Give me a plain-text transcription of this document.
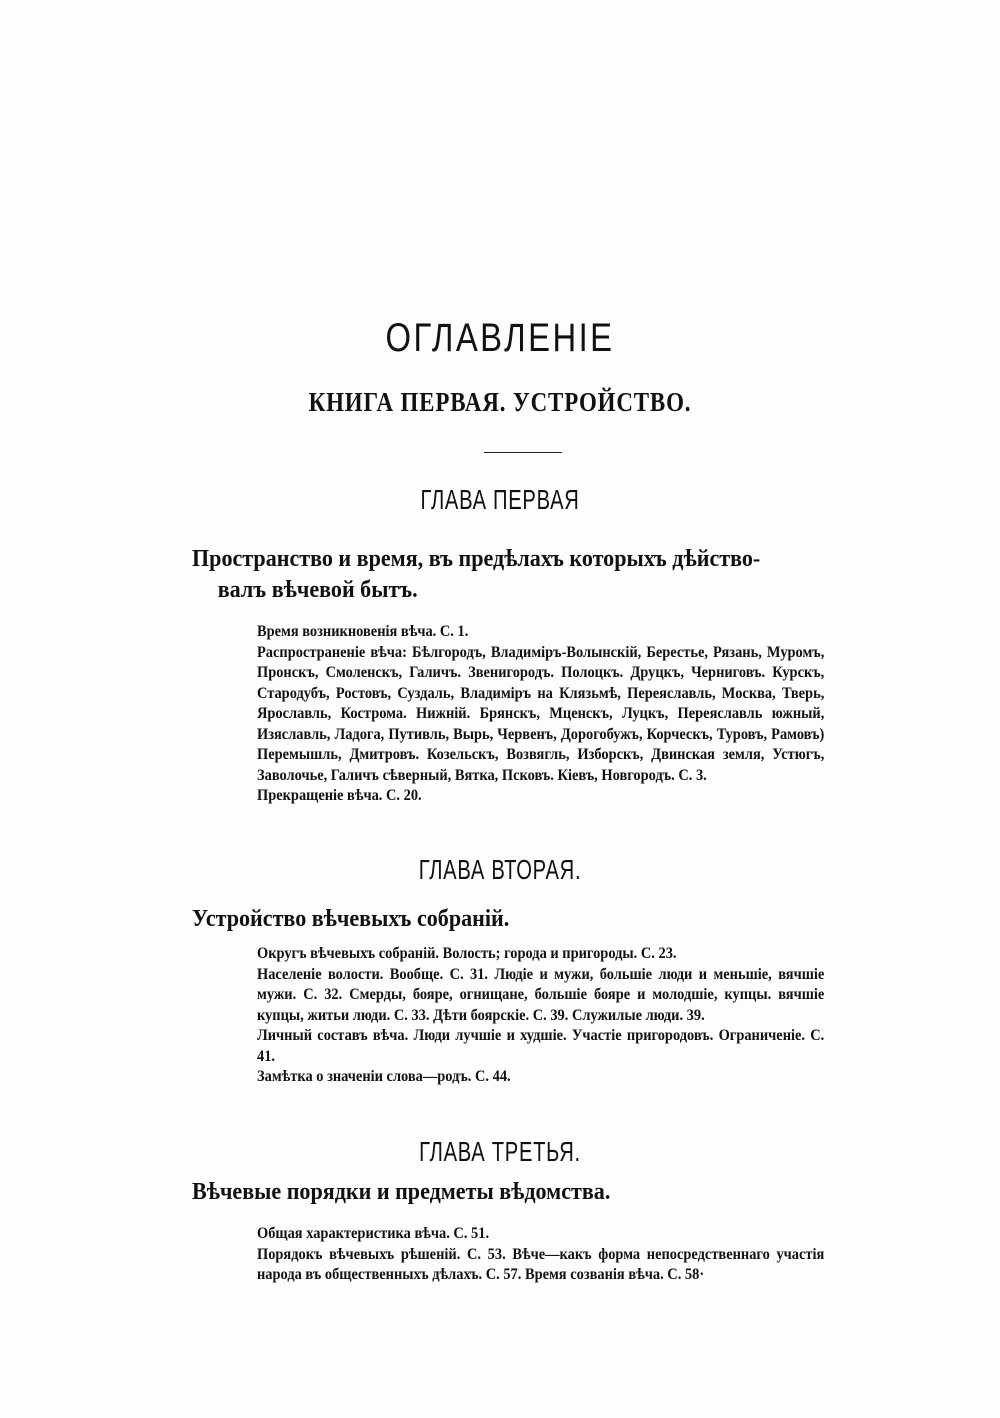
ОГЛАВЛЕНІЕ
КНИГА ПЕРВАЯ. УСТРОЙСТВО.
ГЛАВА ПЕРВАЯ
Пространство и время, въ предѣлахъ которыхъ дѣйство-
валъ вѣчевой бытъ.

Время возникновенія вѣча. С. 1.

Распространеніе вѣча: Бѣлгородъ, Владиміръ-Волынскій, Берестье, Рязань, Муромъ, Пронскъ, Смоленскъ, Галичъ. Звенигородъ. Полоцкъ. Друцкъ, Черниговъ. Курскъ, Стародубъ, Ростовъ, Суздаль, Владиміръ на Клязьмѣ, Переяславль, Москва, Тверь, Ярославль, Кострома. Нижній. Брянскъ, Мценскъ, Луцкъ, Переяславль южный, Изяславль, Ладога, Путивль, Вырь, Червенъ, Дорогобужъ, Корческъ, Туровъ, Рамовъ) Перемышль, Дмитровъ. Козельскъ, Возвягль, Изборскъ, Двинская земля, Устюгъ, Заволочье, Галичъ сѣверный, Вятка, Псковъ. Кіевъ, Новгородъ. С. 3.

Прекращеніе вѣча. С. 20.

ГЛАВА ВТОРАЯ.
Устройство вѣчевыхъ собраній.

Округъ вѣчевыхъ собраній. Волость; города и пригороды. С. 23.

Населеніе волости. Вообще. С. 31. Людіе и мужи, большіе люди и меньшіе, вячшіе мужи. С. 32. Смерды, бояре, огнищане, большіе бояре и молодшіе, купцы. вячшіе купцы, житьи люди. С. 33. Дѣти боярскіе. С. 39. Служилые люди. 39.

Личный составъ вѣча. Люди лучшіе и худшіе. Участіе пригородовъ. Ограниченіе. С. 41.

Замѣтка о значеніи слова—родъ. С. 44.

ГЛАВА ТРЕТЬЯ.
Вѣчевые порядки и предметы вѣдомства.

Общая характеристика вѣча. С. 51.

Порядокъ вѣчевыхъ рѣшеній. С. 53. Вѣче—какъ форма непосредственнаго участія народа въ общественныхъ дѣлахъ. С. 57. Время созванія вѣча. С. 58·
